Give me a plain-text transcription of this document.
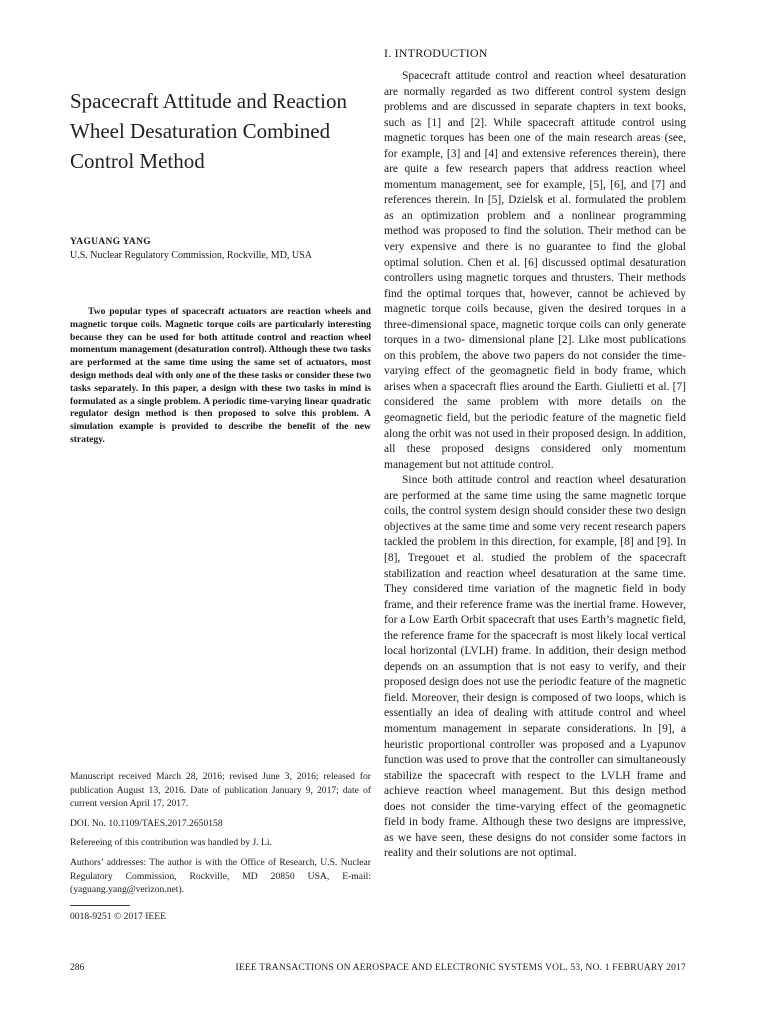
Spacecraft Attitude and Reaction Wheel Desaturation Combined Control Method
YAGUANG YANG
U.S. Nuclear Regulatory Commission, Rockville, MD, USA

Two popular types of spacecraft actuators are reaction wheels and magnetic torque coils. Magnetic torque coils are particularly interesting because they can be used for both attitude control and reaction wheel momentum management (desaturation control). Although these two tasks are performed at the same time using the same set of actuators, most design methods deal with only one of the these tasks or consider these two tasks separately. In this paper, a design with these two tasks in mind is formulated as a single problem. A periodic time-varying linear quadratic regulator design method is then proposed to solve this problem. A simulation example is provided to describe the benefit of the new strategy.

Manuscript received March 28, 2016; revised June 3, 2016; released for publication August 13, 2016. Date of publication January 9, 2017; date of current version April 17, 2017.

DOI. No. 10.1109/TAES.2017.2650158

Refereeing of this contribution was handled by J. Li.

Authors’ addresses: The author is with the Office of Research, U.S. Nuclear Regulatory Commission, Rockville, MD 20850 USA, E-mail: (yaguang.yang@verizon.net).

0018-9251 © 2017 IEEE

I. INTRODUCTION

Spacecraft attitude control and reaction wheel desaturation are normally regarded as two different control system design problems and are discussed in separate chapters in text books, such as [1] and [2]. While spacecraft attitude control using magnetic torques has been one of the main research areas (see, for example, [3] and [4] and extensive references therein), there are quite a few research papers that address reaction wheel momentum management, see for example, [5], [6], and [7] and references therein. In [5], Dzielsk et al. formulated the problem as an optimization problem and a nonlinear programming method was proposed to find the solution. Their method can be very expensive and there is no guarantee to find the global optimal solution. Chen et al. [6] discussed optimal desaturation controllers using magnetic torques and thrusters. Their methods find the optimal torques that, however, cannot be achieved by magnetic torque coils because, given the desired torques in a three-dimensional space, magnetic torque coils can only generate torques in a two- dimensional plane [2]. Like most publications on this problem, the above two papers do not consider the time-varying effect of the geomagnetic field in body frame, which arises when a spacecraft flies around the Earth. Giulietti et al. [7] considered the same problem with more details on the geomagnetic field, but the periodic feature of the magnetic field along the orbit was not used in their proposed design. In addition, all these proposed designs considered only momentum management but not attitude control.

Since both attitude control and reaction wheel desaturation are performed at the same time using the same magnetic torque coils, the control system design should consider these two design objectives at the same time and some very recent research papers tackled the problem in this direction, for example, [8] and [9]. In [8], Tregouet et al. studied the problem of the spacecraft stabilization and reaction wheel desaturation at the same time. They considered time variation of the magnetic field in body frame, and their reference frame was the inertial frame. However, for a Low Earth Orbit spacecraft that uses Earth’s magnetic field, the reference frame for the spacecraft is most likely local vertical local horizontal (LVLH) frame. In addition, their design method depends on an assumption that is not easy to verify, and their proposed design does not use the periodic feature of the magnetic field. Moreover, their design is composed of two loops, which is essentially an idea of dealing with attitude control and wheel momentum management in separate considerations. In [9], a heuristic proportional controller was proposed and a Lyapunov function was used to prove that the controller can simultaneously stabilize the spacecraft with respect to the LVLH frame and achieve reaction wheel management. But this design method does not consider the time-varying effect of the geomagnetic field in body frame. Although these two designs are impressive, as we have seen, these designs do not consider some factors in reality and their solutions are not optimal.

286	IEEE TRANSACTIONS ON AEROSPACE AND ELECTRONIC SYSTEMS VOL. 53, NO. 1 FEBRUARY 2017
